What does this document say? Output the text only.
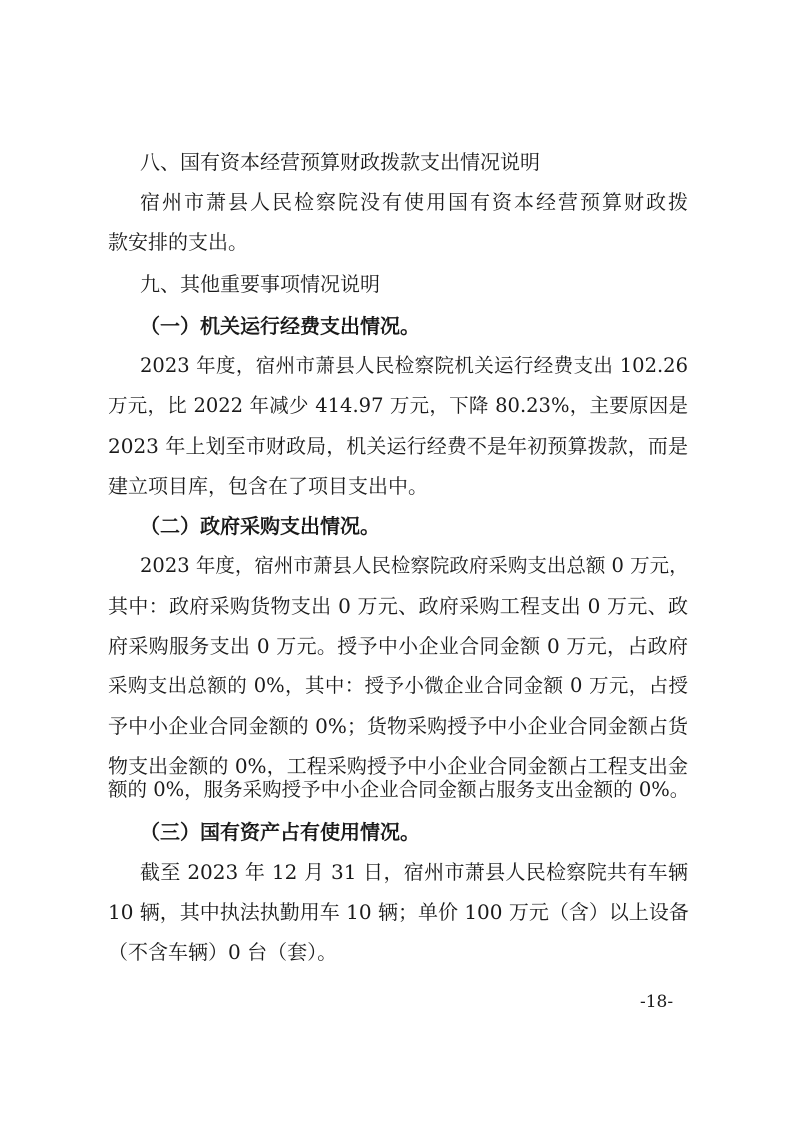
八、国有资本经营预算财政拨款支出情况说明
宿州市萧县人民检察院没有使用国有资本经营预算财政拨
款安排的支出。
九、其他重要事项情况说明
（一）机关运行经费支出情况。
2023 年度，宿州市萧县人民检察院机关运行经费支出 102.26
万元，比 2022 年减少 414.97 万元，下降 80.23%，主要原因是
2023 年上划至市财政局，机关运行经费不是年初预算拨款，而是
建立项目库，包含在了项目支出中。
（二）政府采购支出情况。
2023 年度，宿州市萧县人民检察院政府采购支出总额 0 万元，
其中：政府采购货物支出 0 万元、政府采购工程支出 0 万元、政
府采购服务支出 0 万元。授予中小企业合同金额 0 万元，占政府
采购支出总额的 0%，其中：授予小微企业合同金额 0 万元，占授
予中小企业合同金额的 0%；货物采购授予中小企业合同金额占货
物支出金额的 0%，工程采购授予中小企业合同金额占工程支出金
额的 0%，服务采购授予中小企业合同金额占服务支出金额的 0%。
（三）国有资产占有使用情况。
截至 2023 年 12 月 31 日，宿州市萧县人民检察院共有车辆
10 辆，其中执法执勤用车 10 辆；单价 100 万元（含）以上设备
（不含车辆）0 台（套）。
-18-
